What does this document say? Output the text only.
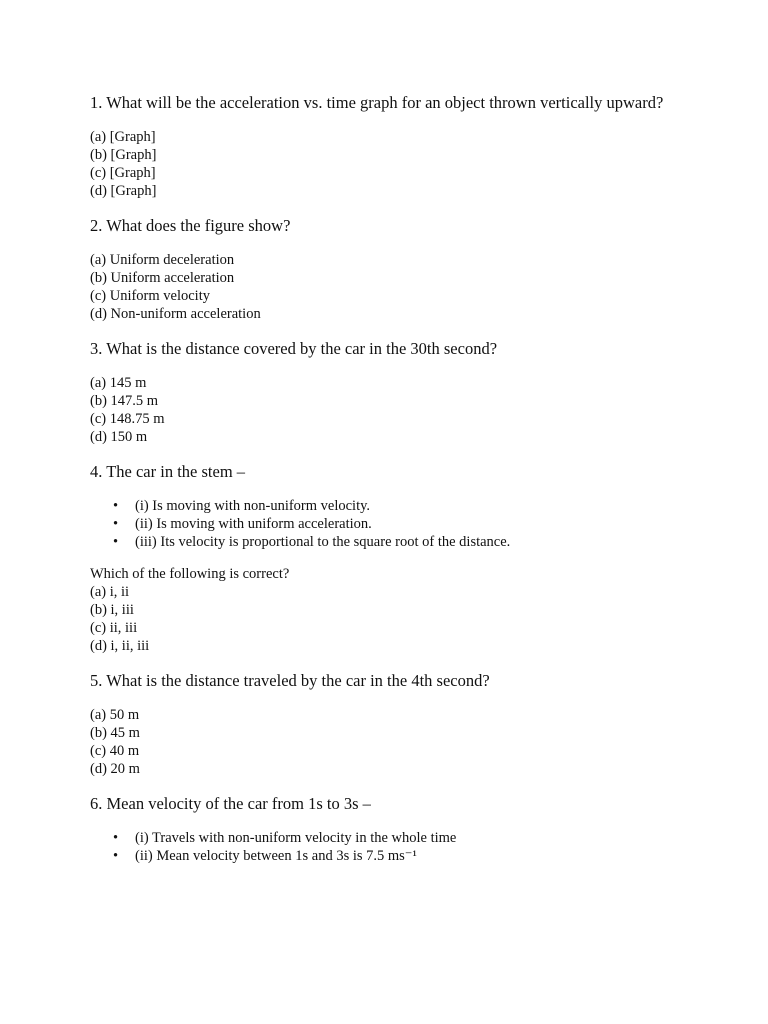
1. What will be the acceleration vs. time graph for an object thrown vertically upward?

(a) [Graph]
(b) [Graph]
(c) [Graph]
(d) [Graph]

2. What does the figure show?

(a) Uniform deceleration
(b) Uniform acceleration
(c) Uniform velocity
(d) Non-uniform acceleration

3. What is the distance covered by the car in the 30th second?

(a) 145 m
(b) 147.5 m
(c) 148.75 m
(d) 150 m

4. The car in the stem –

• (i) Is moving with non-uniform velocity.
• (ii) Is moving with uniform acceleration.
• (iii) Its velocity is proportional to the square root of the distance.

Which of the following is correct?

(a) i, ii
(b) i, iii
(c) ii, iii
(d) i, ii, iii

5. What is the distance traveled by the car in the 4th second?

(a) 50 m
(b) 45 m
(c) 40 m
(d) 20 m

6. Mean velocity of the car from 1s to 3s –

• (i) Travels with non-uniform velocity in the whole time
• (ii) Mean velocity between 1s and 3s is 7.5 ms⁻¹
